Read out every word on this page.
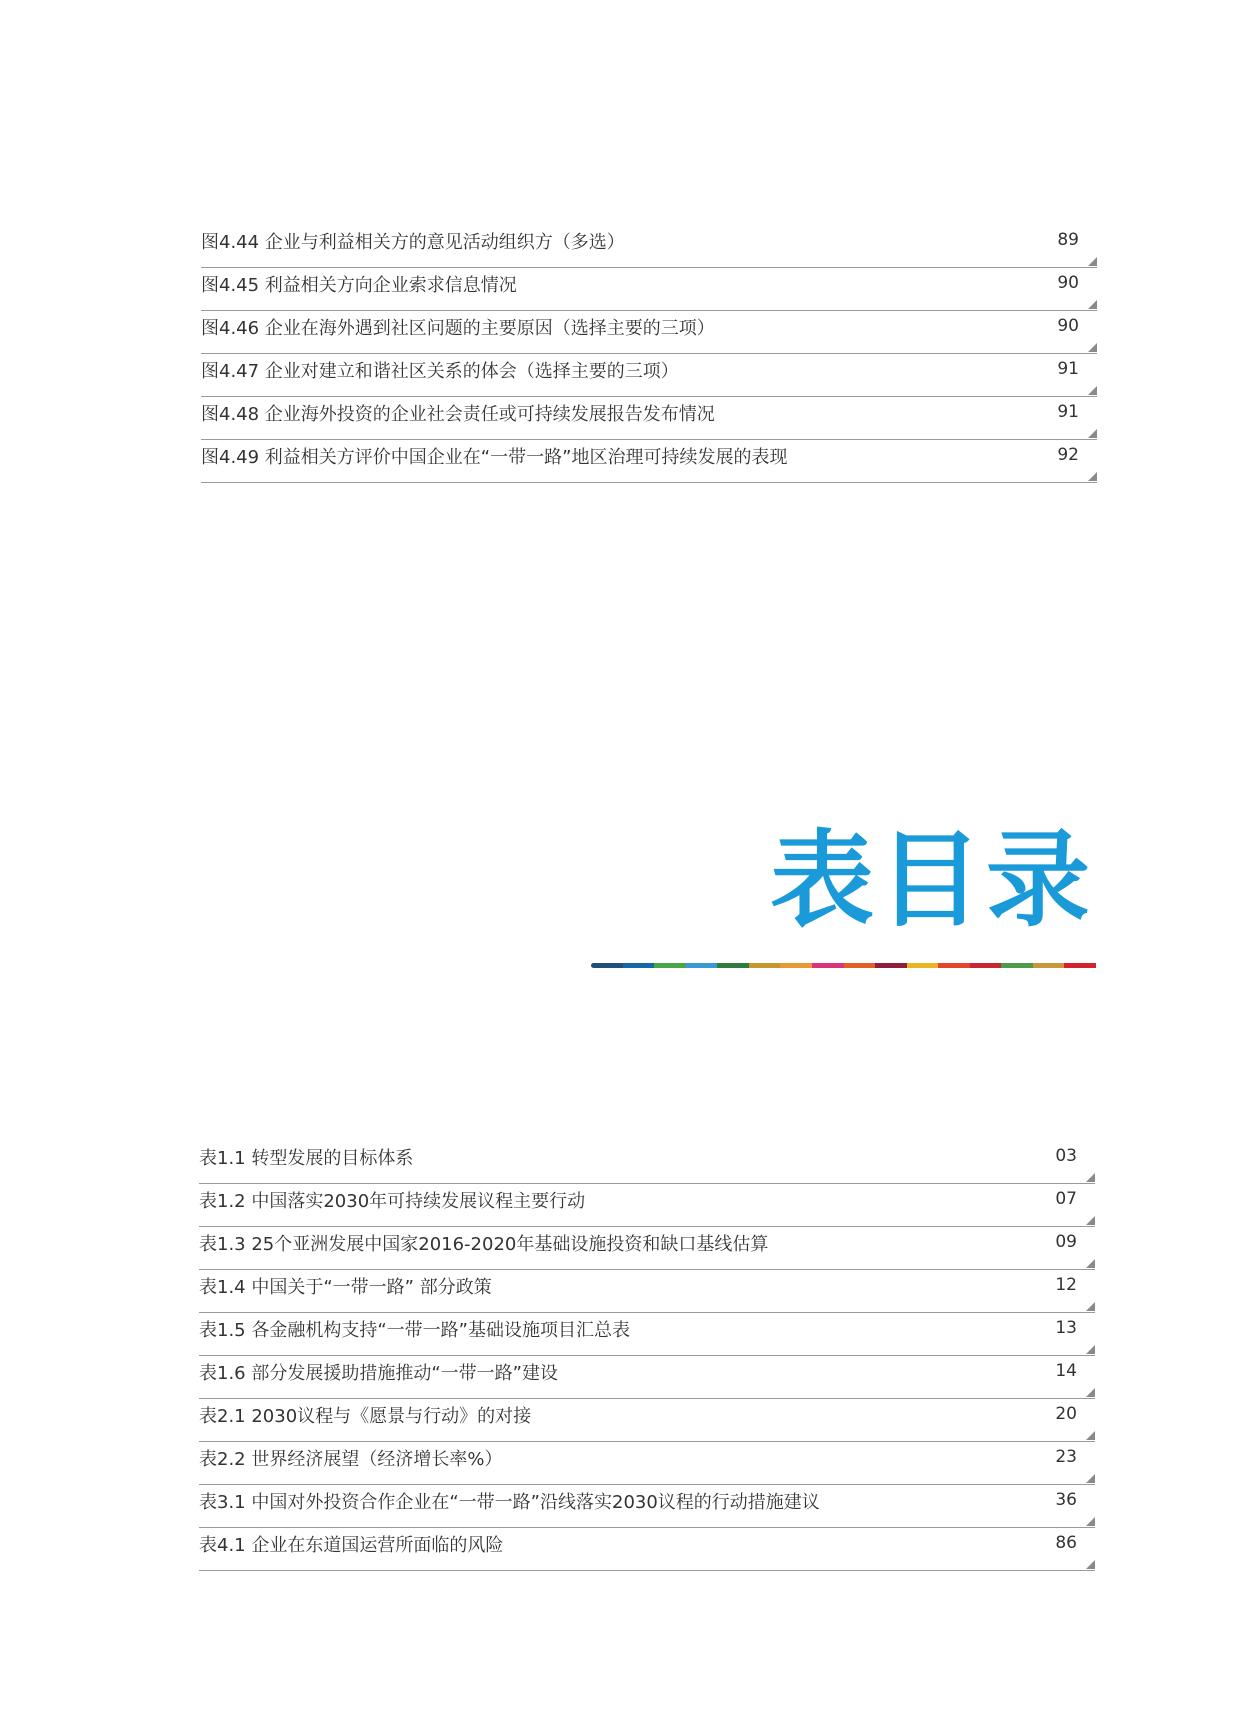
图4.44 企业与利益相关方的意见活动组织方（多选）	89
图4.45 利益相关方向企业索求信息情况	90
图4.46 企业在海外遇到社区问题的主要原因（选择主要的三项）	90
图4.47 企业对建立和谐社区关系的体会（选择主要的三项）	91
图4.48 企业海外投资的企业社会责任或可持续发展报告发布情况	91
图4.49 利益相关方评价中国企业在“一带一路”地区治理可持续发展的表现	92
表目录
表1.1 转型发展的目标体系	03
表1.2 中国落实2030年可持续发展议程主要行动	07
表1.3 25个亚洲发展中国家2016-2020年基础设施投资和缺口基线估算	09
表1.4 中国关于“一带一路” 部分政策	12
表1.5 各金融机构支持“一带一路”基础设施项目汇总表	13
表1.6 部分发展援助措施推动“一带一路”建设	14
表2.1 2030议程与《愿景与行动》的对接	20
表2.2 世界经济展望（经济增长率%）	23
表3.1 中国对外投资合作企业在“一带一路”沿线落实2030议程的行动措施建议	36
表4.1 企业在东道国运营所面临的风险	86
